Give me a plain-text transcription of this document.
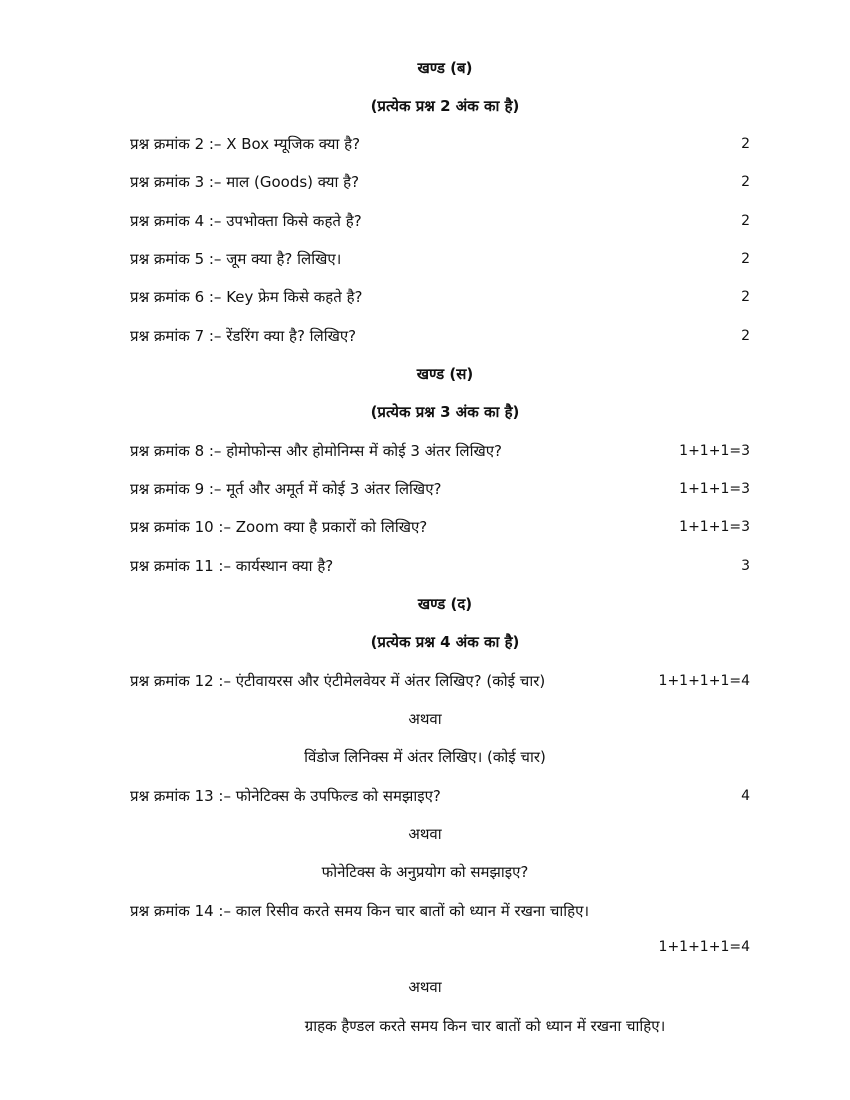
खण्ड (ब)
(प्रत्येक प्रश्न 2 अंक का है)
प्रश्न क्रमांक 2 :– X Box म्यूजिक क्या है?	2
प्रश्न क्रमांक 3 :– माल (Goods) क्या है?	2
प्रश्न क्रमांक 4 :– उपभोक्ता किसे कहते है?	2
प्रश्न क्रमांक 5 :– जूम क्या है? लिखिए।	2
प्रश्न क्रमांक 6 :– Key फ्रेम किसे कहते है?	2
प्रश्न क्रमांक 7 :– रेंडरिंग क्या है? लिखिए?	2
खण्ड (स)
(प्रत्येक प्रश्न 3 अंक का है)
प्रश्न क्रमांक 8 :– होमोफोन्स और होमोनिम्स में कोई 3 अंतर लिखिए?	1+1+1=3
प्रश्न क्रमांक 9 :– मूर्त और अमूर्त में कोई 3 अंतर लिखिए?	1+1+1=3
प्रश्न क्रमांक 10 :– Zoom क्या है प्रकारों को लिखिए?	1+1+1=3
प्रश्न क्रमांक 11 :– कार्यस्थान क्या है?	3
खण्ड (द)
(प्रत्येक प्रश्न 4 अंक का है)
प्रश्न क्रमांक 12 :– एंटीवायरस और एंटीमेलवेयर में अंतर लिखिए? (कोई चार)	1+1+1+1=4
अथवा
विंडोज लिनिक्स में अंतर लिखिए। (कोई चार)
प्रश्न क्रमांक 13 :– फोनेटिक्स के उपफिल्ड को समझाइए?	4
अथवा
फोनेटिक्स के अनुप्रयोग को समझाइए?
प्रश्न क्रमांक 14 :– काल रिसीव करते समय किन चार बातों को ध्यान में रखना चाहिए।
1+1+1+1=4
अथवा
ग्राहक हैण्डल करते समय किन चार बातों को ध्यान में रखना चाहिए।
